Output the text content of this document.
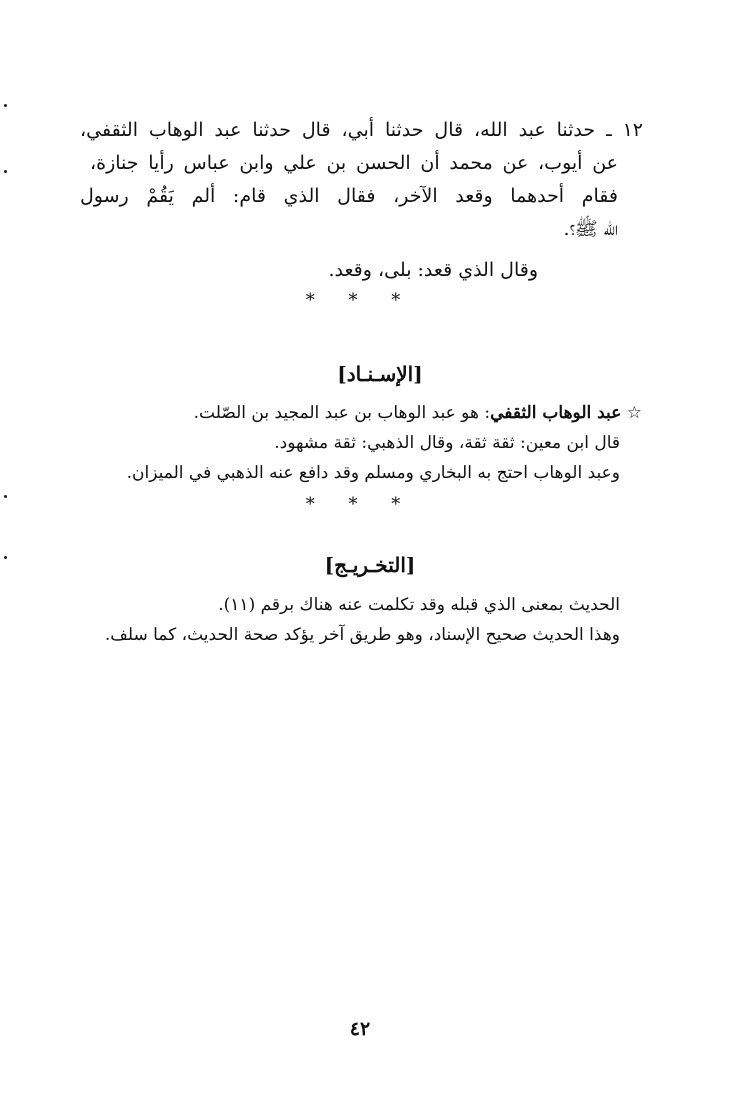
١٢ ـ حدثنا عبد الله، قال حدثنا أبي، قال حدثنا عبد الوهاب الثقفي،
عن أيوب، عن محمد أن الحسن بن علي وابن عباس رأيا جنازة،
فقام أحدهما وقعد الآخر، فقال الذي قام: ألم يَقُمْ رسول
الله ﷺ؟.
وقال الذي قعد: بلى، وقعد.
* * *
[الإسـنـاد]
☆ عبد الوهاب الثقفي: هو عبد الوهاب بن عبد المجيد بن الصّلت.
قال ابن معين: ثقة ثقة، وقال الذهبي: ثقة مشهود.
وعبد الوهاب احتج به البخاري ومسلم وقد دافع عنه الذهبي في الميزان.
* * *
[التخـريـج]
الحديث بمعنى الذي قبله وقد تكلمت عنه هناك برقم (١١).
وهذا الحديث صحيح الإسناد، وهو طريق آخر يؤكد صحة الحديث، كما سلف.
٤٢
